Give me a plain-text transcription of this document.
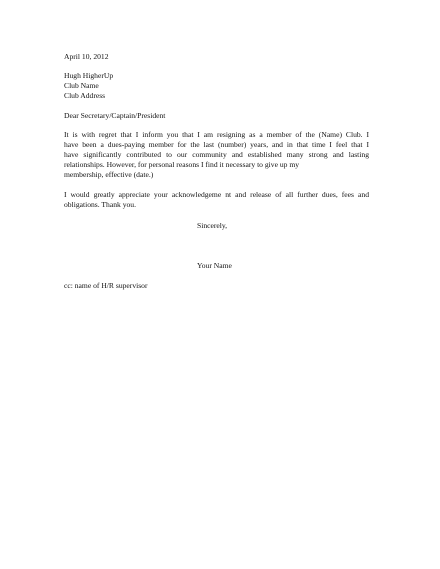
April 10, 2012
Hugh HigherUp
Club Name
Club Address
Dear Secretary/Captain/President
It is with regret that I inform you that I am resigning as a member of the (Name) Club. I
have been a dues-paying member for the last (number) years, and in that time I feel that I
have significantly contributed to our community and established many strong and lasting
relationships. However, for personal reasons I find it necessary to give up my
membership, effective (date.)
I would greatly appreciate your acknowledgeme nt and release of all further dues, fees and
obligations. Thank you.
Sincerely,
Your Name
cc: name of H/R supervisor
